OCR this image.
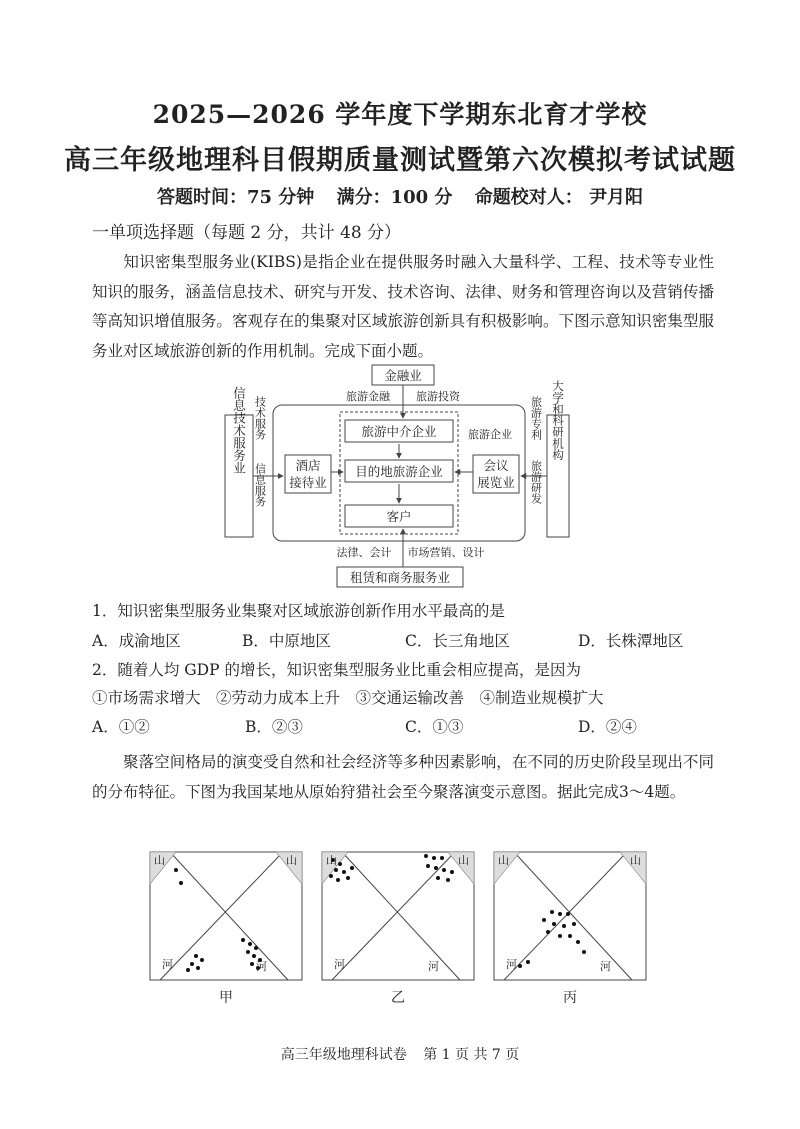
2025—2026 学年度下学期东北育才学校
高三年级地理科目假期质量测试暨第六次模拟考试试题
答题时间：75 分钟 满分：100 分 命题校对人： 尹月阳
一单项选择题（每题 2 分，共计 48 分）
知识密集型服务业(KIBS)是指企业在提供服务时融入大量科学、工程、技术等专业性知识的服务，涵盖信息技术、研究与开发、技术咨询、法律、财务和管理咨询以及营销传播等高知识增值服务。客观存在的集聚对区域旅游创新具有积极影响。下图示意知识密集型服务业对区域旅游创新的作用机制。完成下面小题。
金融业
旅游金融 旅游投资
旅游中介企业
目的地旅游企业
客户
酒店
接待业
会议
展览业
信息技术服务业 技术服务
信息服务
大学和科研机构
旅游专利
旅游研发
旅游企业
法律、会计 市场营销、设计
租赁和商务服务业
1．知识密集型服务业集聚对区域旅游创新作用水平最高的是
A．成渝地区	B．中原地区	C．长三角地区	D．长株潭地区
2．随着人均 GDP 的增长，知识密集型服务业比重会相应提高，是因为
①市场需求增大　②劳动力成本上升　③交通运输改善　④制造业规模扩大
A．①②	B．②③	C．①③	D．②④
聚落空间格局的演变受自然和社会经济等多种因素影响，在不同的历史阶段呈现出不同的分布特征。下图为我国某地从原始狩猎社会至今聚落演变示意图。据此完成3～4题。
山	山
河	河
山	山
河	河
山	山
河	河
甲	乙	丙
高三年级地理科试卷 第 1 页 共 7 页
